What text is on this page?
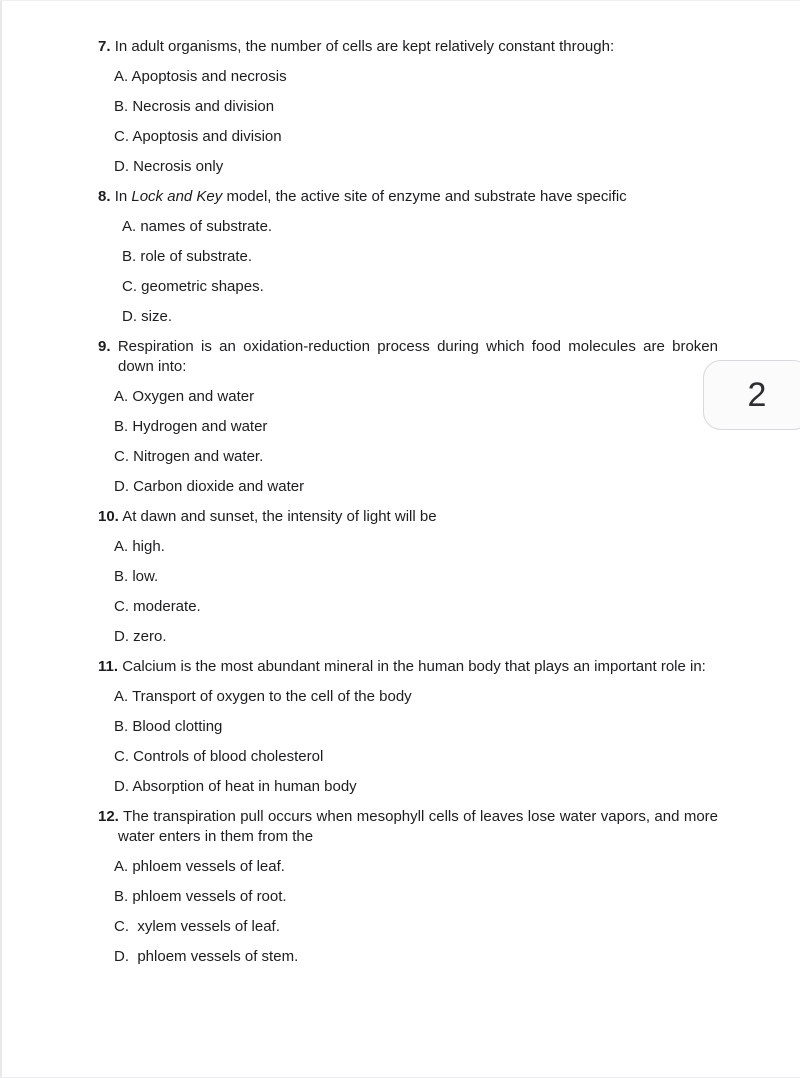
7. In adult organisms, the number of cells are kept relatively constant through:

A. Apoptosis and necrosis

B. Necrosis and division

C. Apoptosis and division

D. Necrosis only

8. In Lock and Key model, the active site of enzyme and substrate have specific

A. names of substrate.

B. role of substrate.

C. geometric shapes.

D. size.

9. Respiration is an oxidation-reduction process during which food molecules are broken down into:

A. Oxygen and water

B. Hydrogen and water

C. Nitrogen and water.

D. Carbon dioxide and water

10. At dawn and sunset, the intensity of light will be

A. high.

B. low.

C. moderate.

D. zero.

11. Calcium is the most abundant mineral in the human body that plays an important role in:

A. Transport of oxygen to the cell of the body

B. Blood clotting

C. Controls of blood cholesterol

D. Absorption of heat in human body

12. The transpiration pull occurs when mesophyll cells of leaves lose water vapors, and more water enters in them from the

A. phloem vessels of leaf.

B. phloem vessels of root.

C.  xylem vessels of leaf.

D.  phloem vessels of stem.

2
